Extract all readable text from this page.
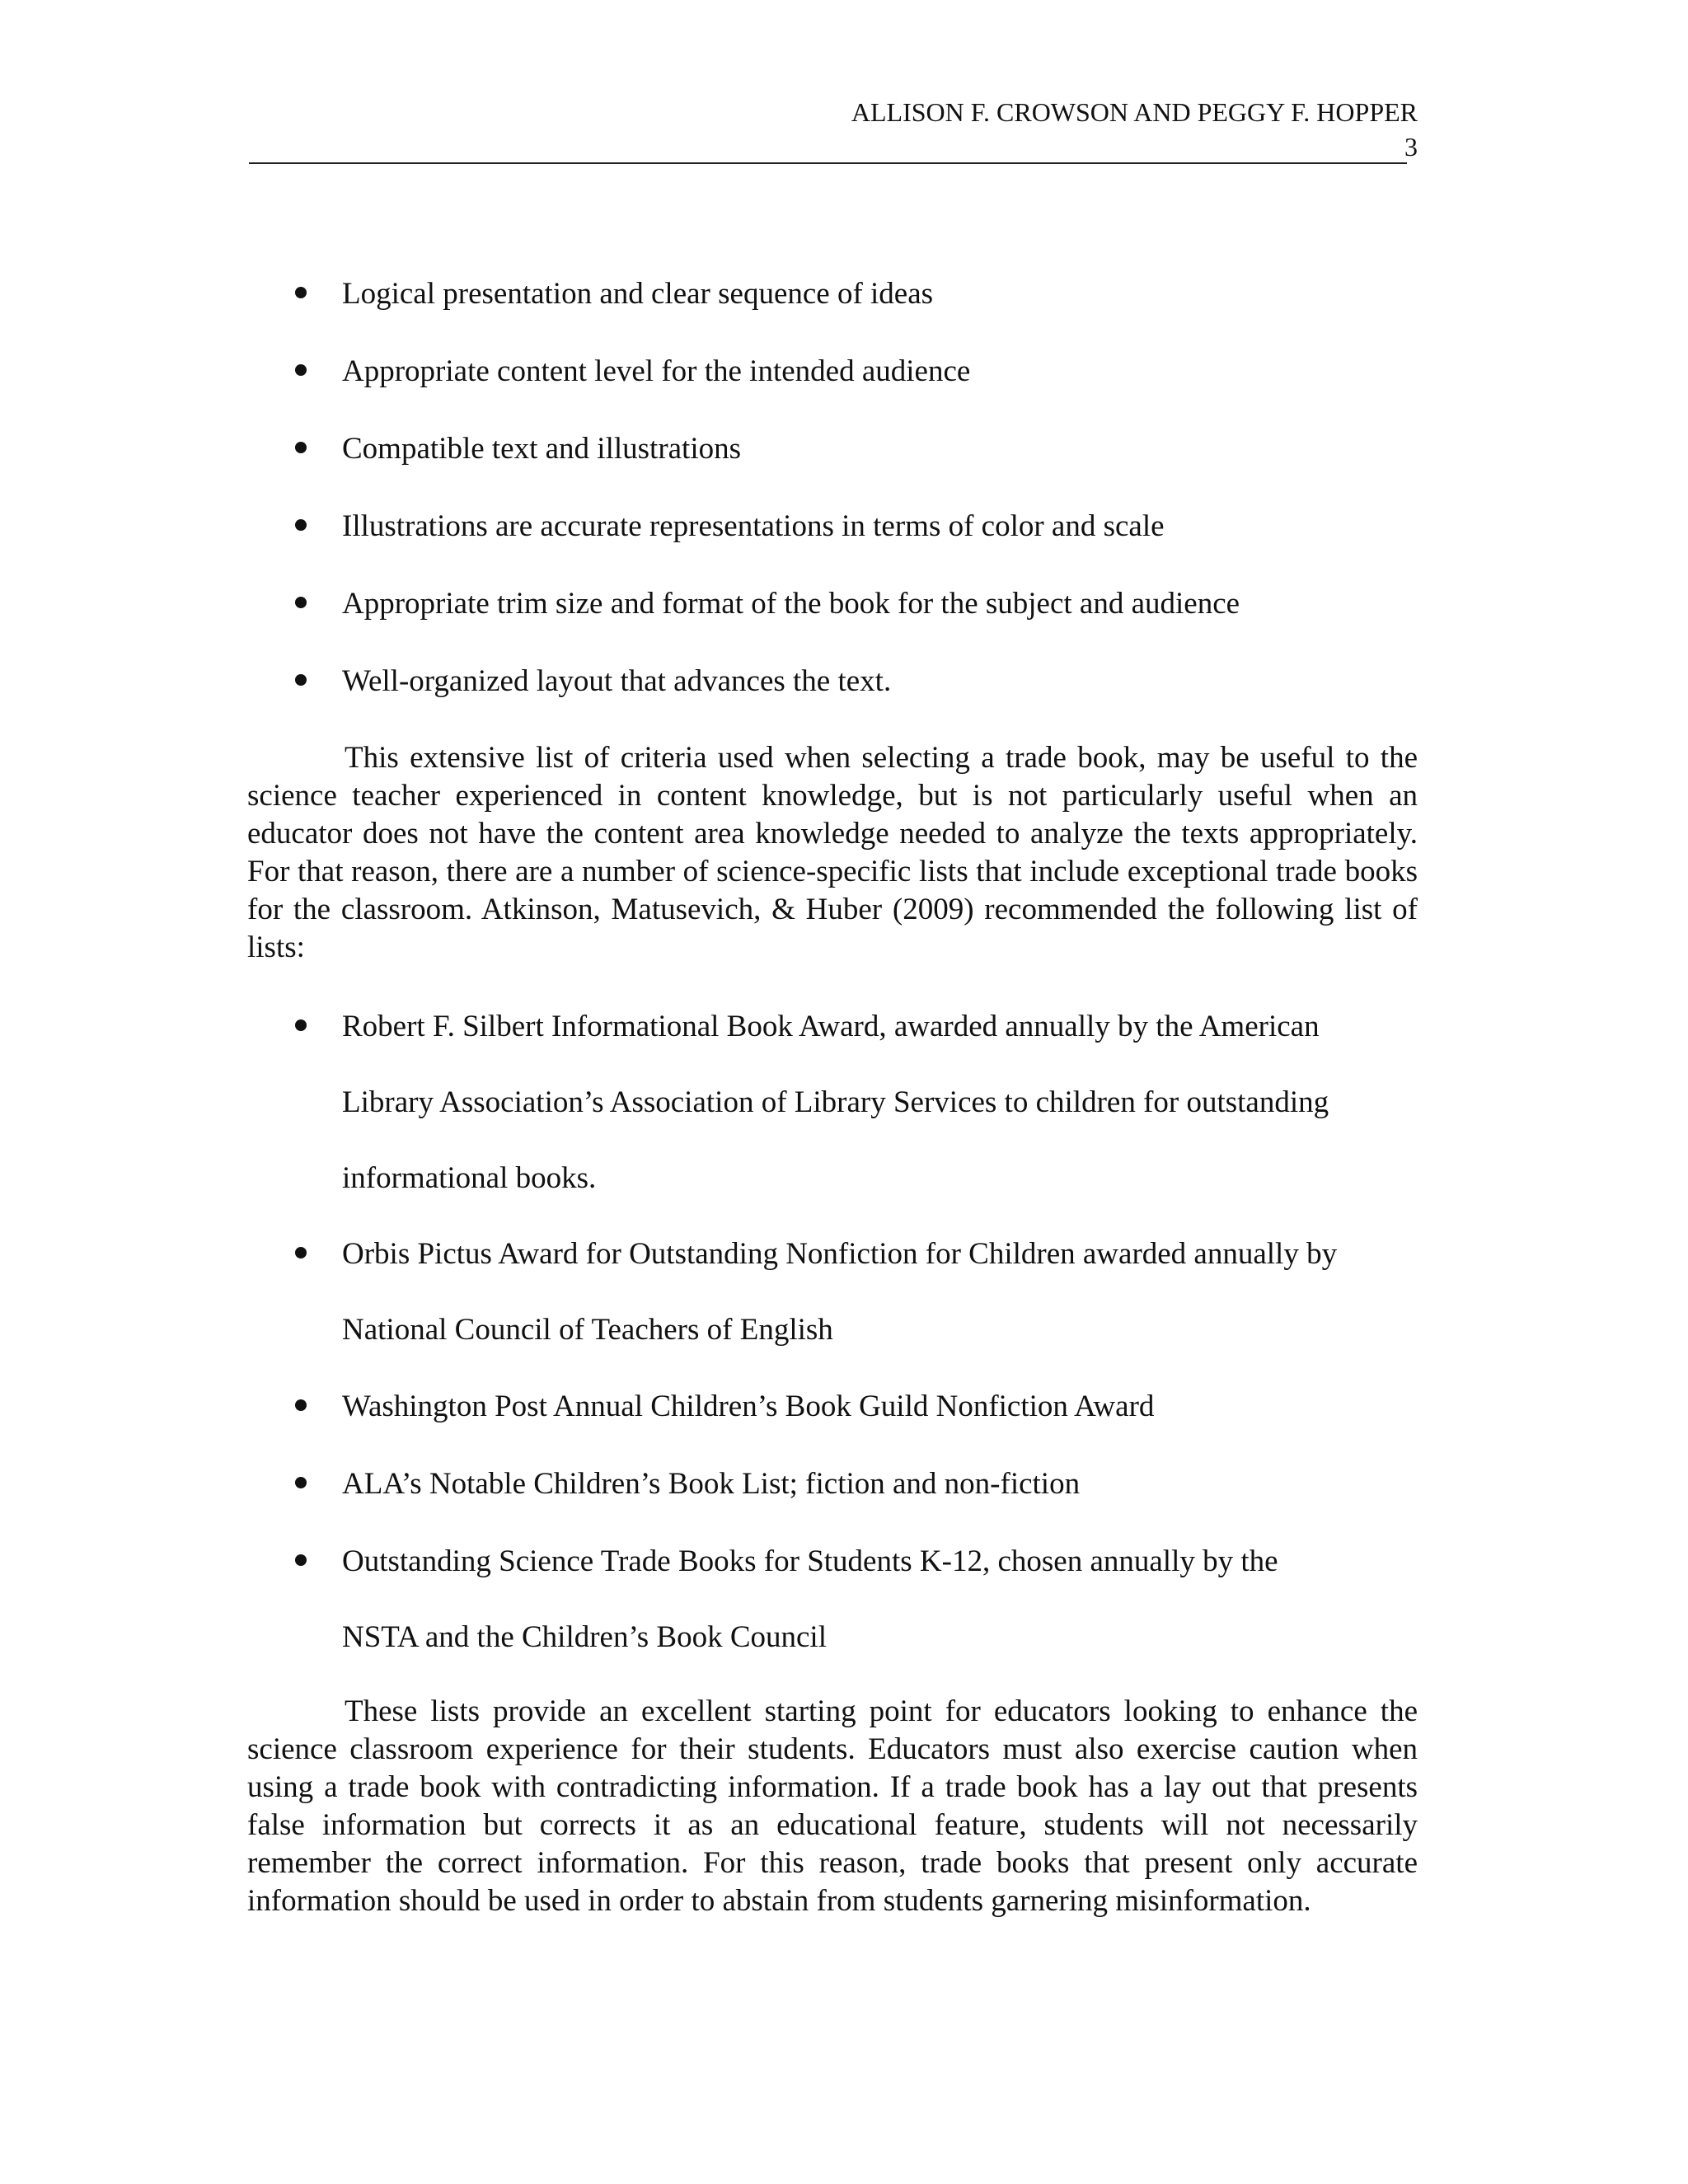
ALLISON F. CROWSON AND PEGGY F. HOPPER
3
Logical presentation and clear sequence of ideas
Appropriate content level for the intended audience
Compatible text and illustrations
Illustrations are accurate representations in terms of color and scale
Appropriate trim size and format of the book for the subject and audience
Well-organized layout that advances the text.

This extensive list of criteria used when selecting a trade book, may be useful to the science teacher experienced in content knowledge, but is not particularly useful when an educator does not have the content area knowledge needed to analyze the texts appropriately. For that reason, there are a number of science-specific lists that include exceptional trade books for the classroom. Atkinson, Matusevich, & Huber (2009) recommended the following list of lists:

Robert F. Silbert Informational Book Award, awarded annually by the American
Library Association’s Association of Library Services to children for outstanding
informational books.
Orbis Pictus Award for Outstanding Nonfiction for Children awarded annually by
National Council of Teachers of English
Washington Post Annual Children’s Book Guild Nonfiction Award
ALA’s Notable Children’s Book List; fiction and non-fiction
Outstanding Science Trade Books for Students K-12, chosen annually by the
NSTA and the Children’s Book Council

These lists provide an excellent starting point for educators looking to enhance the science classroom experience for their students. Educators must also exercise caution when using a trade book with contradicting information. If a trade book has a lay out that presents false information but corrects it as an educational feature, students will not necessarily remember the correct information. For this reason, trade books that present only accurate information should be used in order to abstain from students garnering misinformation.
